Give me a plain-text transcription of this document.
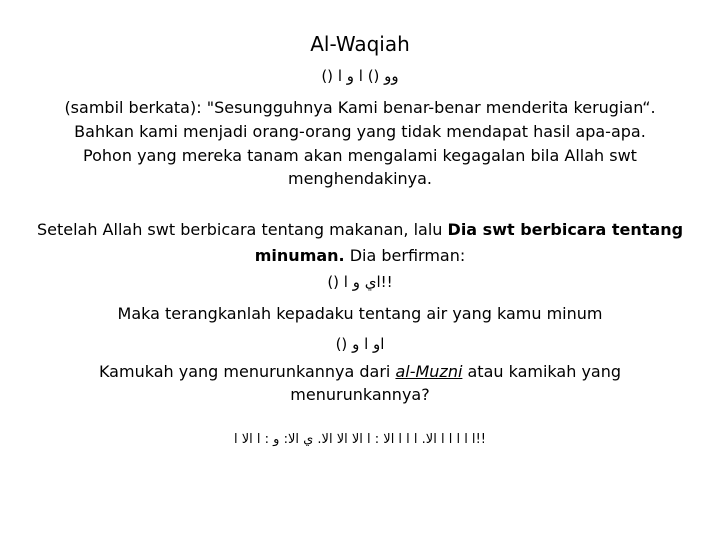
Al-Waqiah
() وو () ا و ا
(sambil berkata): "Sesungguhnya Kami benar-benar menderita kerugian“.
Bahkan kami menjadi orang-orang yang tidak mendapat hasil apa-apa.
Pohon yang mereka tanam akan mengalami kegagalan bila Allah swt
menghendakinya.
Setelah Allah swt berbicara tentang makanan, lalu Dia swt berbicara tentang
minuman. Dia berfirman:
() اي و ا!!
Maka terangkanlah kepadaku tentang air yang kamu minum
() او ا و
Kamukah yang menurunkannya dari al-Muzni atau kamikah yang
menurunkannya?
ا ا ا ا ا الا. ا ا ا الا : ا الا الا الا. ي الا: و : ا الا ا!!
